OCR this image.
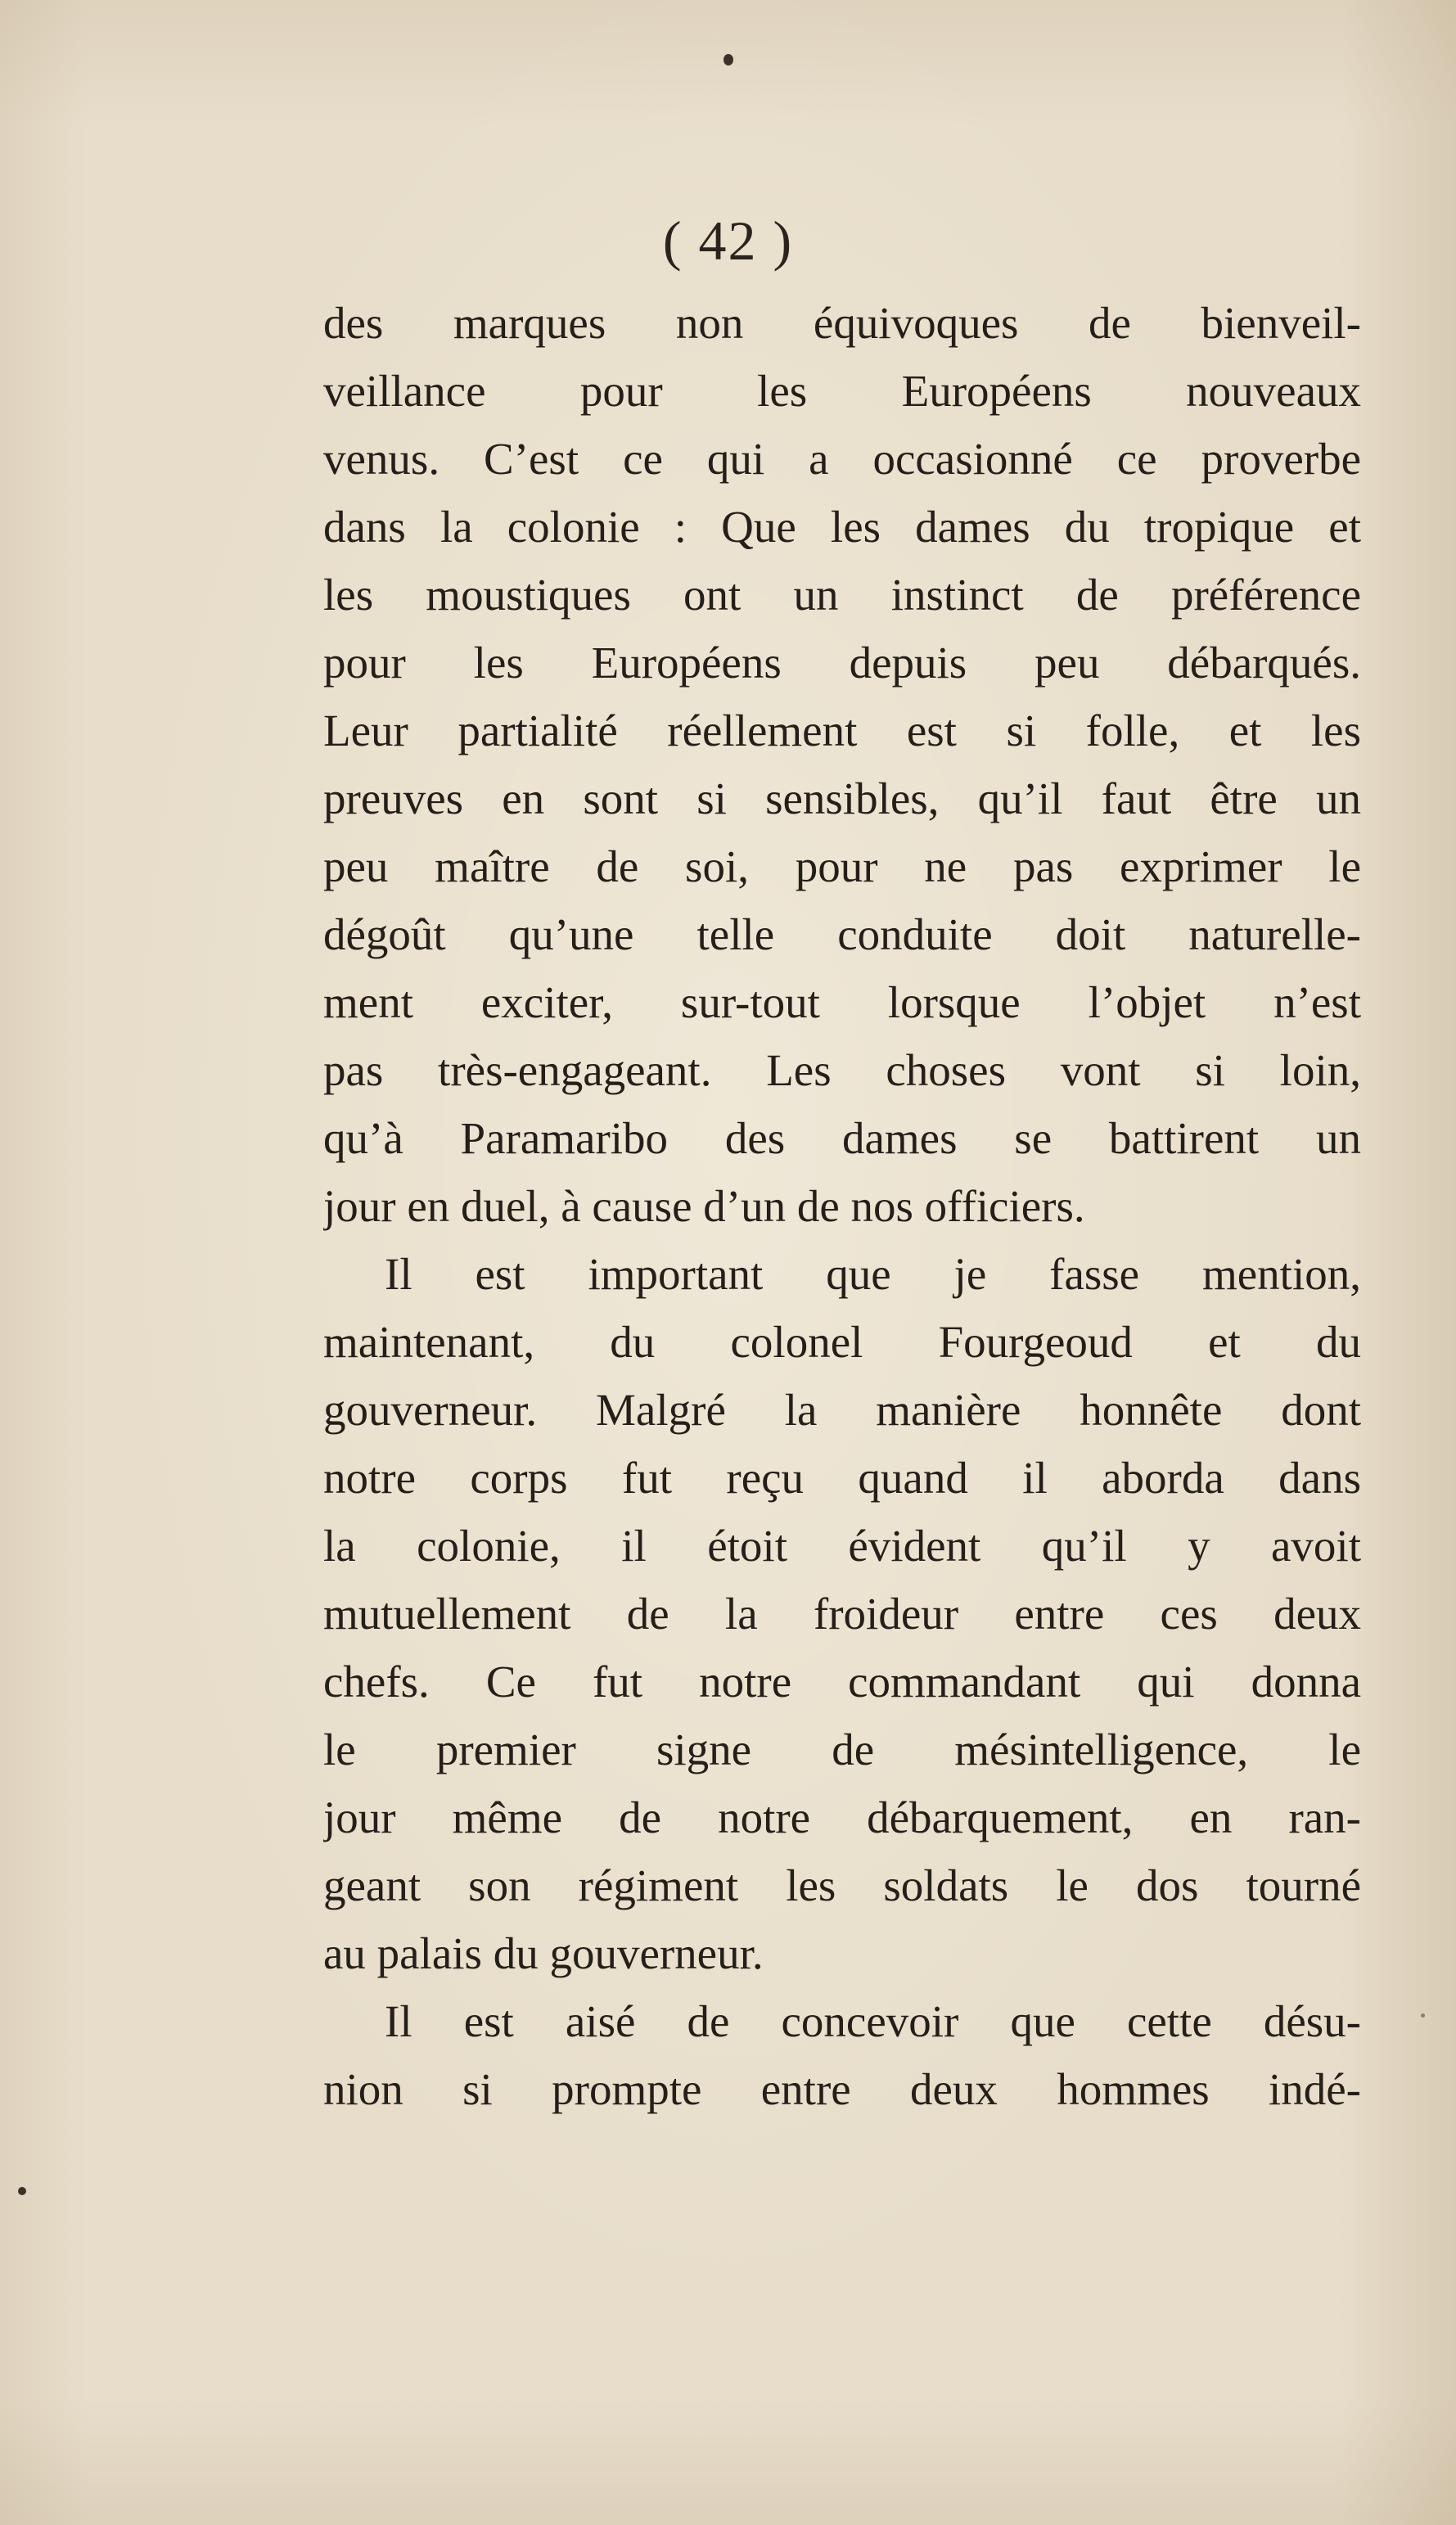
( 42 )
des marques non équivoques de bienveil-
veillance pour les Européens nouveaux
venus. C’est ce qui a occasionné ce proverbe
dans la colonie : Que les dames du tropique et
les moustiques ont un instinct de préférence
pour les Européens depuis peu débarqués.
Leur partialité réellement est si folle, et les
preuves en sont si sensibles, qu’il faut être un
peu maître de soi, pour ne pas exprimer le
dégoût qu’une telle conduite doit naturelle-
ment exciter, sur-tout lorsque l’objet n’est
pas très-engageant. Les choses vont si loin,
qu’à Paramaribo des dames se battirent un
jour en duel, à cause d’un de nos officiers.
Il est important que je fasse mention,
maintenant, du colonel Fourgeoud et du
gouverneur. Malgré la manière honnête dont
notre corps fut reçu quand il aborda dans
la colonie, il étoit évident qu’il y avoit
mutuellement de la froideur entre ces deux
chefs. Ce fut notre commandant qui donna
le premier signe de mésintelligence, le
jour même de notre débarquement, en ran-
geant son régiment les soldats le dos tourné
au palais du gouverneur.
Il est aisé de concevoir que cette désu-
nion si prompte entre deux hommes indé-
